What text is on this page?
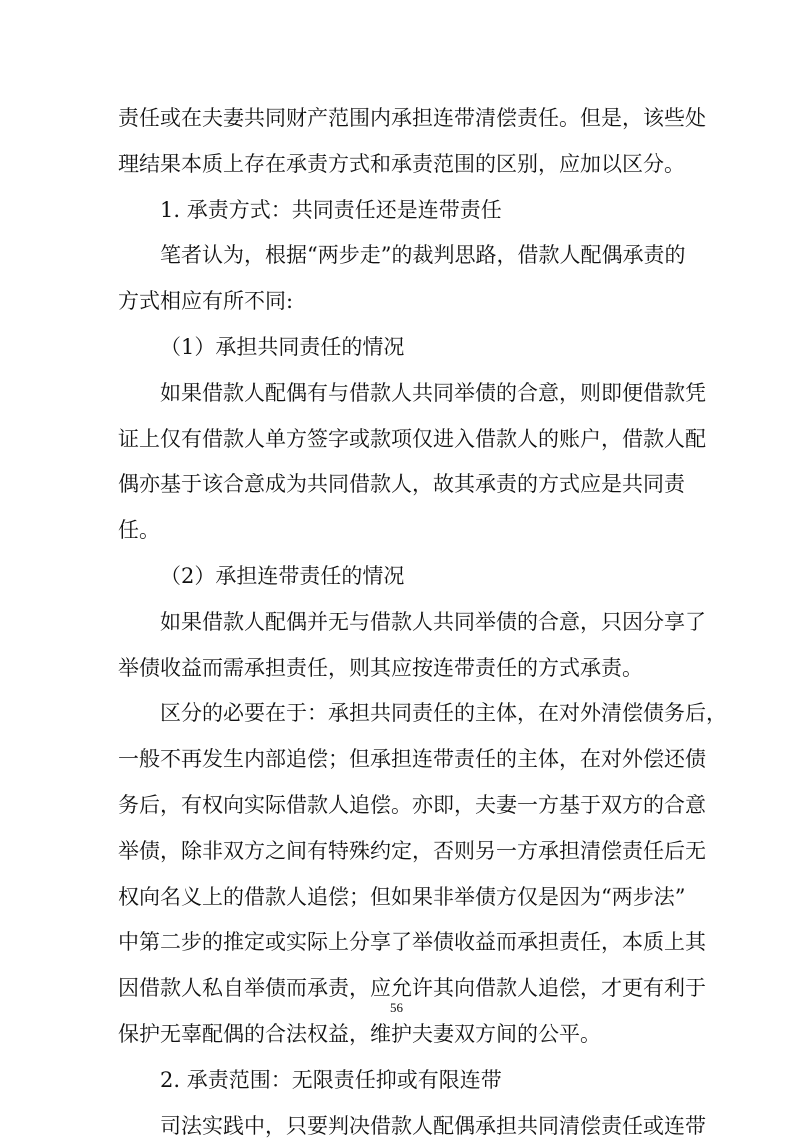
责任或在夫妻共同财产范围内承担连带清偿责任。但是，该些处
理结果本质上存在承责方式和承责范围的区别，应加以区分。
1. 承责方式：共同责任还是连带责任
笔者认为，根据“两步走”的裁判思路，借款人配偶承责的
方式相应有所不同:
（1）承担共同责任的情况
如果借款人配偶有与借款人共同举债的合意，则即便借款凭
证上仅有借款人单方签字或款项仅进入借款人的账户，借款人配
偶亦基于该合意成为共同借款人，故其承责的方式应是共同责
任。
（2）承担连带责任的情况
如果借款人配偶并无与借款人共同举债的合意，只因分享了
举债收益而需承担责任，则其应按连带责任的方式承责。
区分的必要在于：承担共同责任的主体，在对外清偿债务后，
一般不再发生内部追偿；但承担连带责任的主体，在对外偿还债
务后，有权向实际借款人追偿。亦即，夫妻一方基于双方的合意
举债，除非双方之间有特殊约定，否则另一方承担清偿责任后无
权向名义上的借款人追偿；但如果非举债方仅是因为“两步法”
中第二步的推定或实际上分享了举债收益而承担责任，本质上其
因借款人私自举债而承责，应允许其向借款人追偿，才更有利于
保护无辜配偶的合法权益，维护夫妻双方间的公平。
2. 承责范围：无限责任抑或有限连带
司法实践中，只要判决借款人配偶承担共同清偿责任或连带
56
